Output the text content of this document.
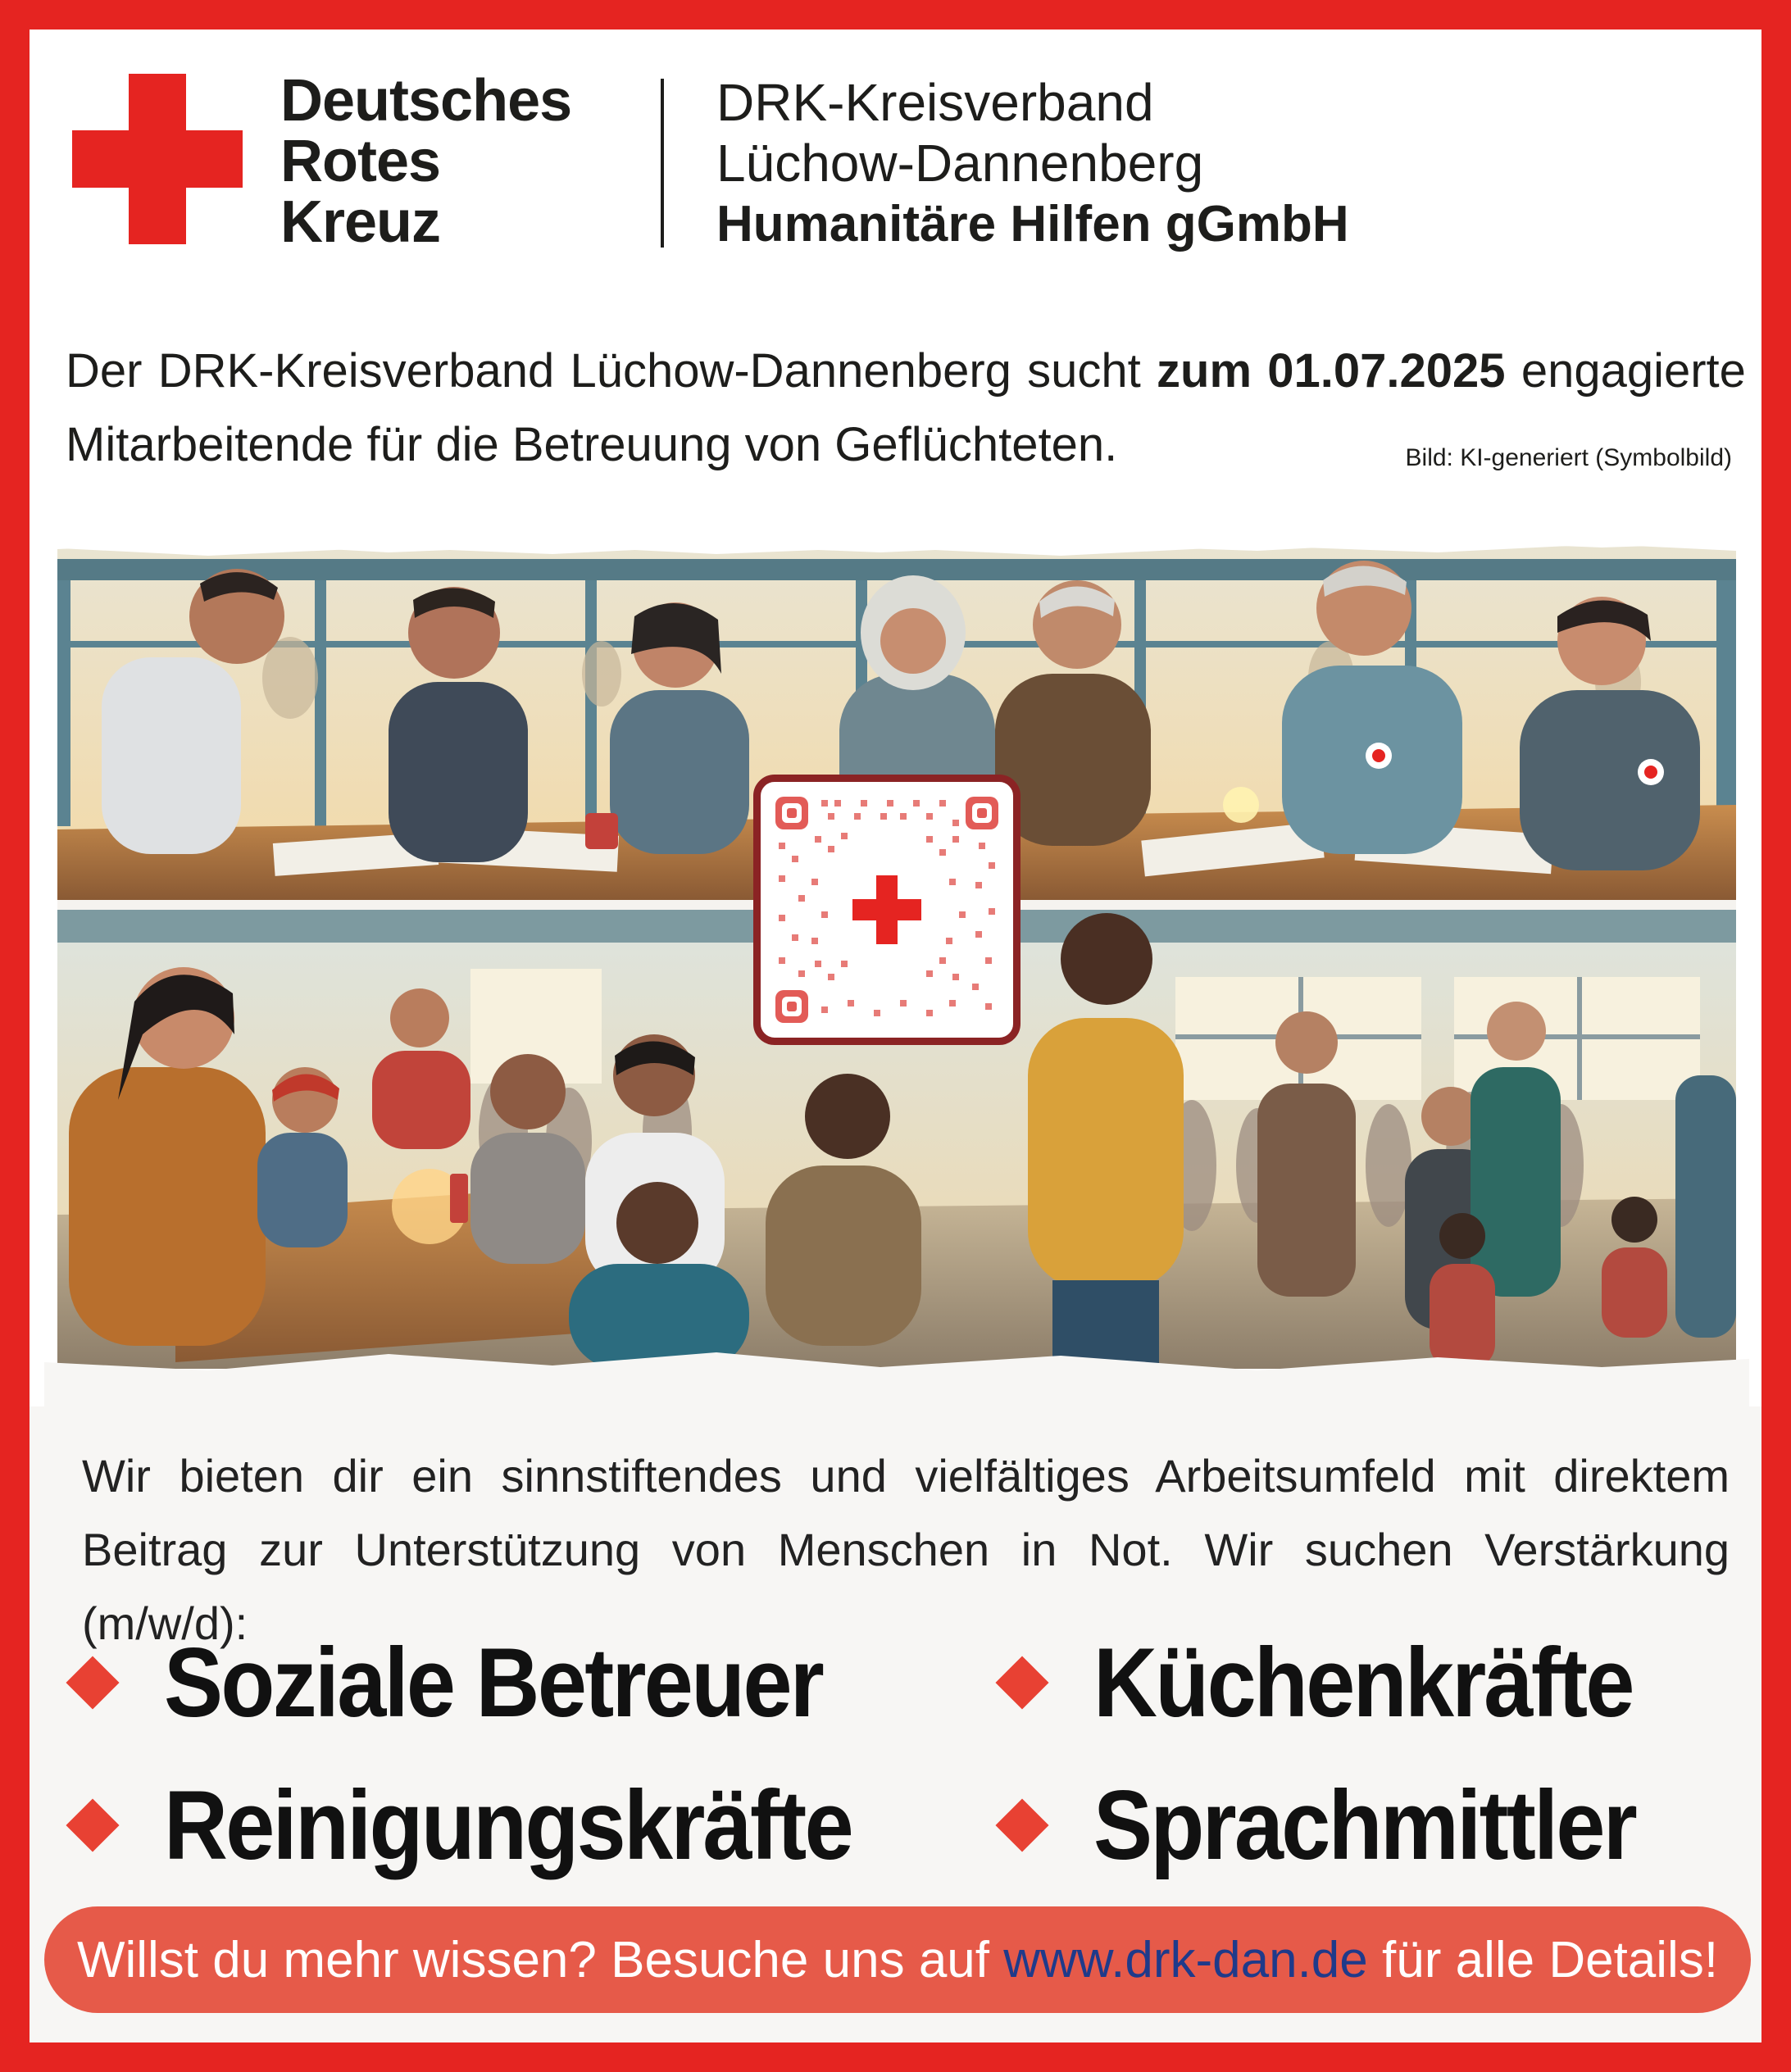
Deutsches
Rotes
Kreuz
DRK-Kreisverband
Lüchow-Dannenberg
Humanitäre Hilfen gGmbH
Der DRK-Kreisverband Lüchow-Dannenberg sucht zum 01.07.2025 engagierte
Mitarbeitende für die Betreuung von Geflüchteten.	Bild: KI-generiert (Symbolbild)
Wir bieten dir ein sinnstiftendes und vielfältiges Arbeitsumfeld mit direktem Beitrag zur Unterstützung von Menschen in Not. Wir suchen Verstärkung (m/w/d):
Soziale Betreuer	Küchenkräfte
Reinigungskräfte Sprachmittler
Willst du mehr wissen? Besuche uns auf www.drk-dan.de für alle Details!
